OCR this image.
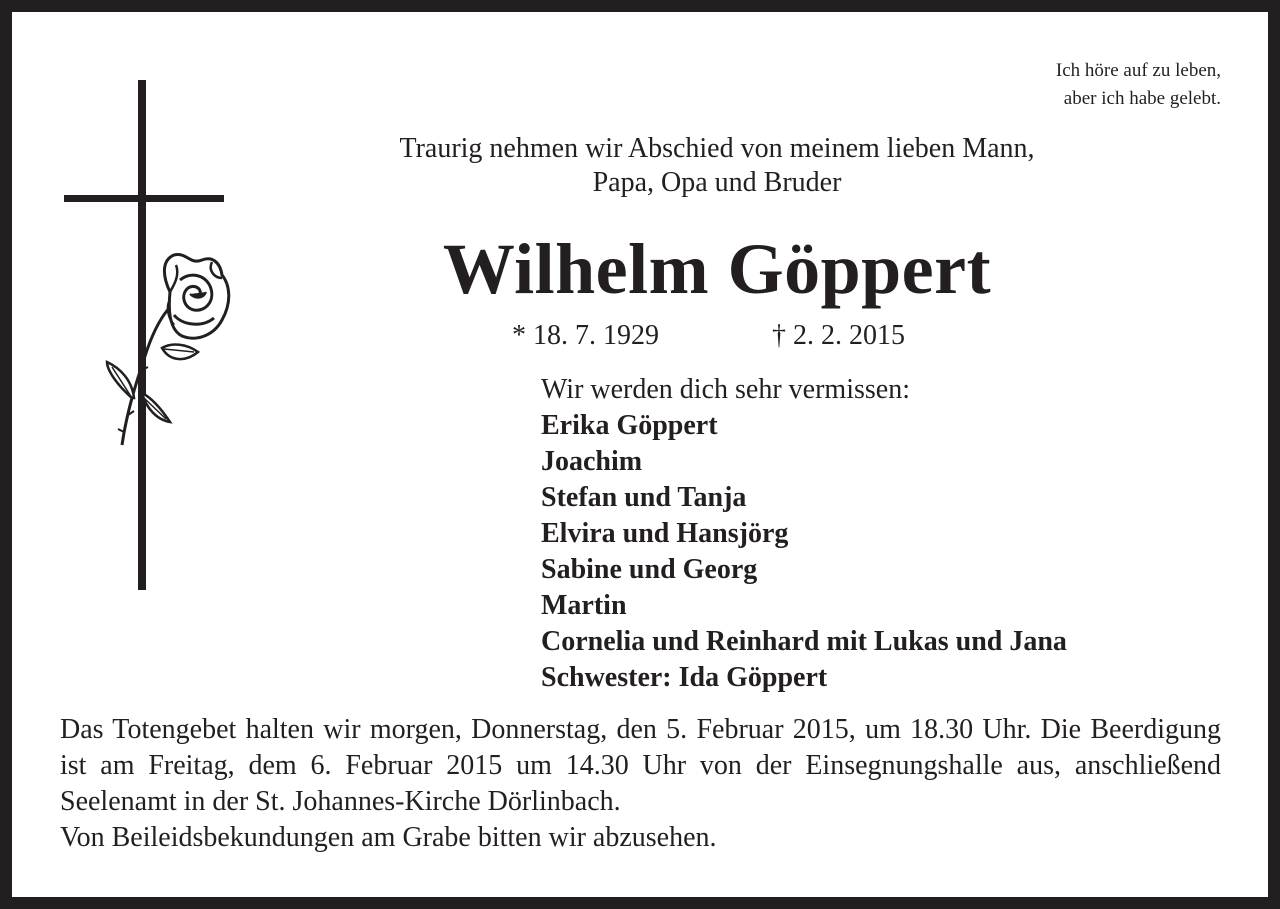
Ich höre auf zu leben,
aber ich habe gelebt.
Traurig nehmen wir Abschied von meinem lieben Mann,
Papa, Opa und Bruder
Wilhelm Göppert
* 18. 7. 1929	† 2. 2. 2015
Wir werden dich sehr vermissen:
Erika Göppert
Joachim
Stefan und Tanja
Elvira und Hansjörg
Sabine und Georg
Martin
Cornelia und Reinhard mit Lukas und Jana
Schwester: Ida Göppert

Das Totengebet halten wir morgen, Donnerstag, den 5. Februar 2015, um 18.30 Uhr. Die Beerdigung ist am Freitag, dem 6. Februar 2015 um 14.30 Uhr von der Einsegnungshalle aus, anschließend Seelenamt in der St. Johannes-Kirche Dörlinbach.

Von Beileidsbekundungen am Grabe bitten wir abzusehen.
